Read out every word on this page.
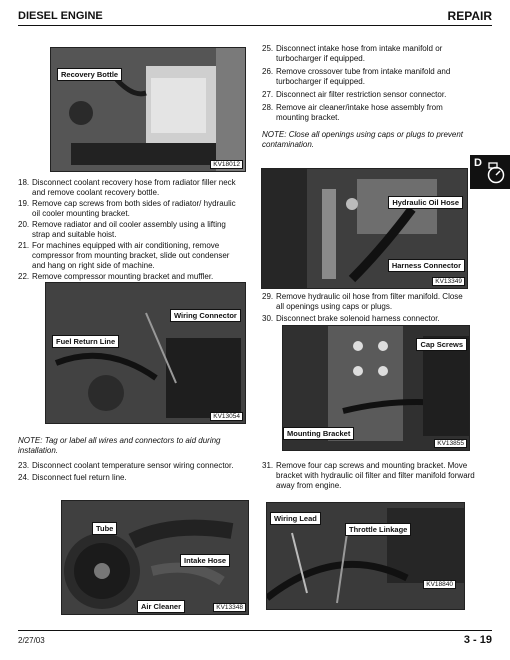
DIESEL ENGINE	REPAIR
Recovery Bottle
KV18012
25. Disconnect intake hose from intake manifold or turbocharger if equipped.
26. Remove crossover tube from intake manifold and turbocharger if equipped.
27. Disconnect air filter restriction sensor connector.
28. Remove air cleaner/intake hose assembly from mounting bracket.
NOTE: Close all openings using caps or plugs to prevent contamination.
D
18. Disconnect coolant recovery hose from radiator filler neck and remove coolant recovery bottle.
19. Remove cap screws from both sides of radiator/ hydraulic oil cooler mounting bracket.
20. Remove radiator and oil cooler assembly using a lifting strap and suitable hoist.
21. For machines equipped with air conditioning, remove compressor from mounting bracket, slide out condenser and hang on right side of machine.
22. Remove compressor mounting bracket and muffler.
Hydraulic Oil Hose
Harness Connector
KV13349
29. Remove hydraulic oil hose from filter manifold. Close all openings using caps or plugs.
30. Disconnect brake solenoid harness connector.
Wiring Connector
Fuel Return Line
KV13054
Cap Screws
Mounting Bracket
KV13855
NOTE: Tag or label all wires and connectors to aid during installation.
23. Disconnect coolant temperature sensor wiring connector.
24. Disconnect fuel return line.
31. Remove four cap screws and mounting bracket. Move bracket with hydraulic oil filter and filter manifold forward away from engine.
Tube
Intake Hose
Air Cleaner	KV13348
Wiring Lead
Throttle Linkage
KV18840
2/27/03	3 - 19
